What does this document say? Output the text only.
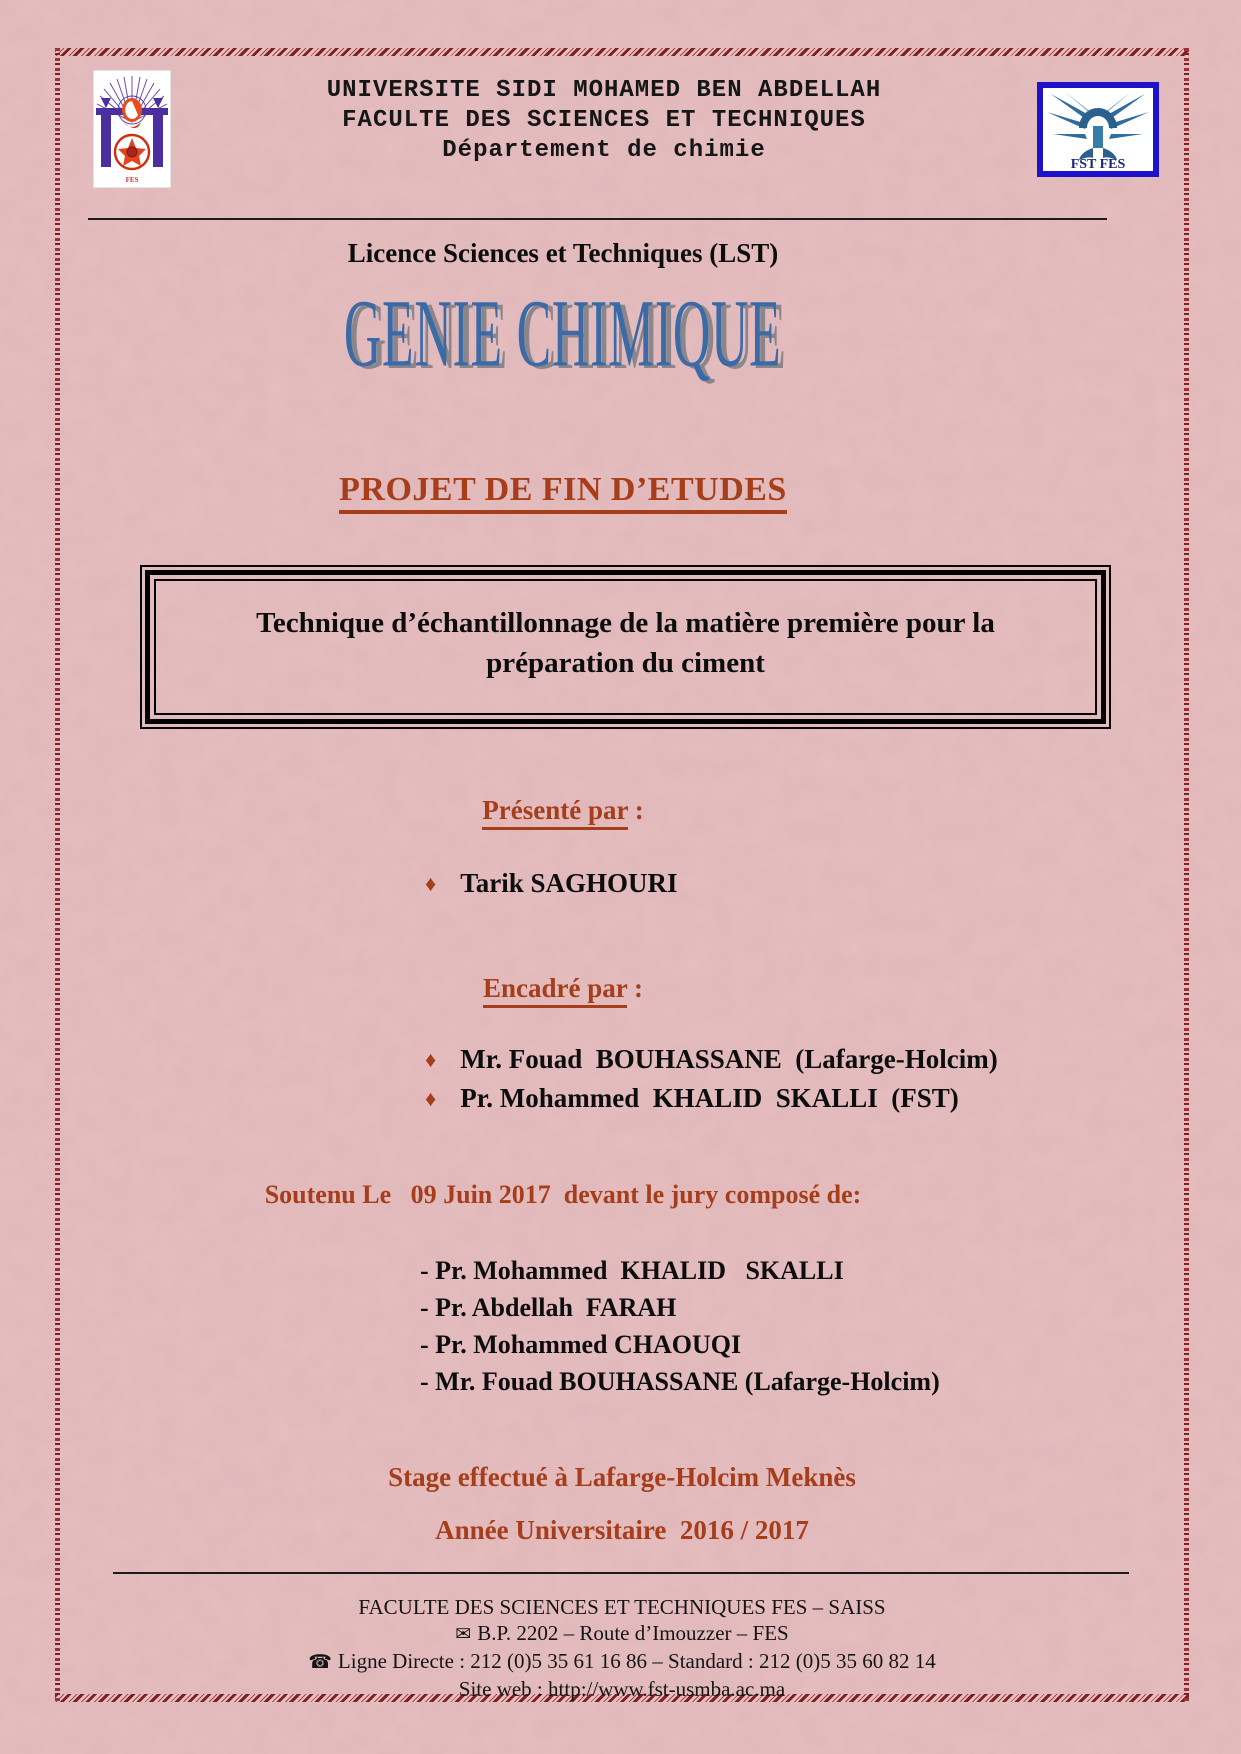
FES
UNIVERSITE SIDI MOHAMED BEN ABDELLAH
FACULTE DES SCIENCES ET TECHNIQUES
Département de chimie
FST FES
Licence Sciences et Techniques (LST)
GENIE CHIMIQUE
PROJET DE FIN D’ETUDES

Technique d’échantillonnage de la matière première pour la préparation du ciment

Présenté par :
♦ Tarik SAGHOURI
Encadré par :
♦ Mr. Fouad  BOUHASSANE  (Lafarge-Holcim)
♦ Pr. Mohammed  KHALID  SKALLI  (FST)
Soutenu Le   09 Juin 2017  devant le jury composé de:
- Pr. Mohammed  KHALID   SKALLI
- Pr. Abdellah  FARAH
- Pr. Mohammed CHAOUQI
- Mr. Fouad BOUHASSANE (Lafarge-Holcim)
Stage effectué à Lafarge-Holcim Meknès
Année Universitaire  2016 / 2017
FACULTE DES SCIENCES ET TECHNIQUES FES – SAISS
✉ B.P. 2202 – Route d’Imouzzer – FES
☎ Ligne Directe : 212 (0)5 35 61 16 86 – Standard : 212 (0)5 35 60 82 14
Site web : http://www.fst-usmba.ac.ma
